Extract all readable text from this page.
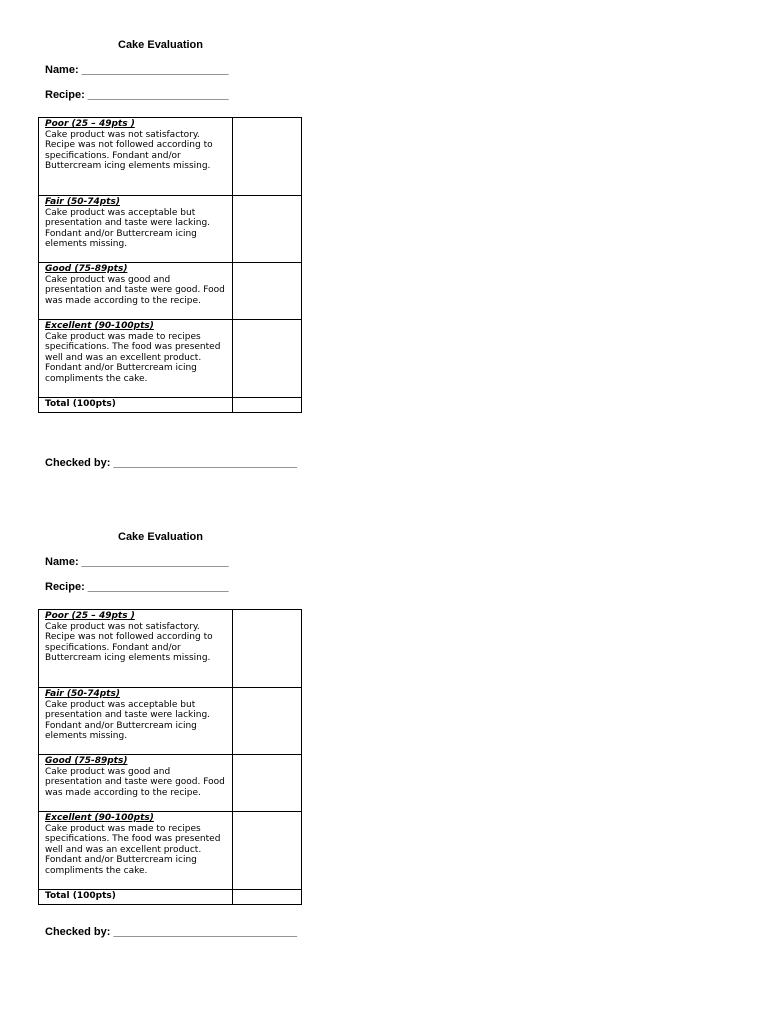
Cake Evaluation
Name: ________________________
Recipe: _______________________
Poor (25 – 49pts )
Cake product was not satisfactory. Recipe was not followed according to specifications. Fondant and/or Buttercream icing elements missing.	

Fair (50-74pts)
Cake product was acceptable but presentation and taste were lacking. Fondant and/or Buttercream icing elements missing.	

Good (75-89pts)
Cake product was good and presentation and taste were good. Food was made according to the recipe.	

Excellent (90-100pts)
Cake product was made to recipes specifications. The food was presented well and was an excellent product. Fondant and/or Buttercream icing compliments the cake.	

Total (100pts)	
Checked by: ______________________________
Cake Evaluation
Name: ________________________
Recipe: _______________________
Poor (25 – 49pts )
Cake product was not satisfactory. Recipe was not followed according to specifications. Fondant and/or Buttercream icing elements missing.	

Fair (50-74pts)
Cake product was acceptable but presentation and taste were lacking. Fondant and/or Buttercream icing elements missing.	

Good (75-89pts)
Cake product was good and presentation and taste were good. Food was made according to the recipe.	

Excellent (90-100pts)
Cake product was made to recipes specifications. The food was presented well and was an excellent product. Fondant and/or Buttercream icing compliments the cake.	

Total (100pts)	
Checked by: ______________________________
